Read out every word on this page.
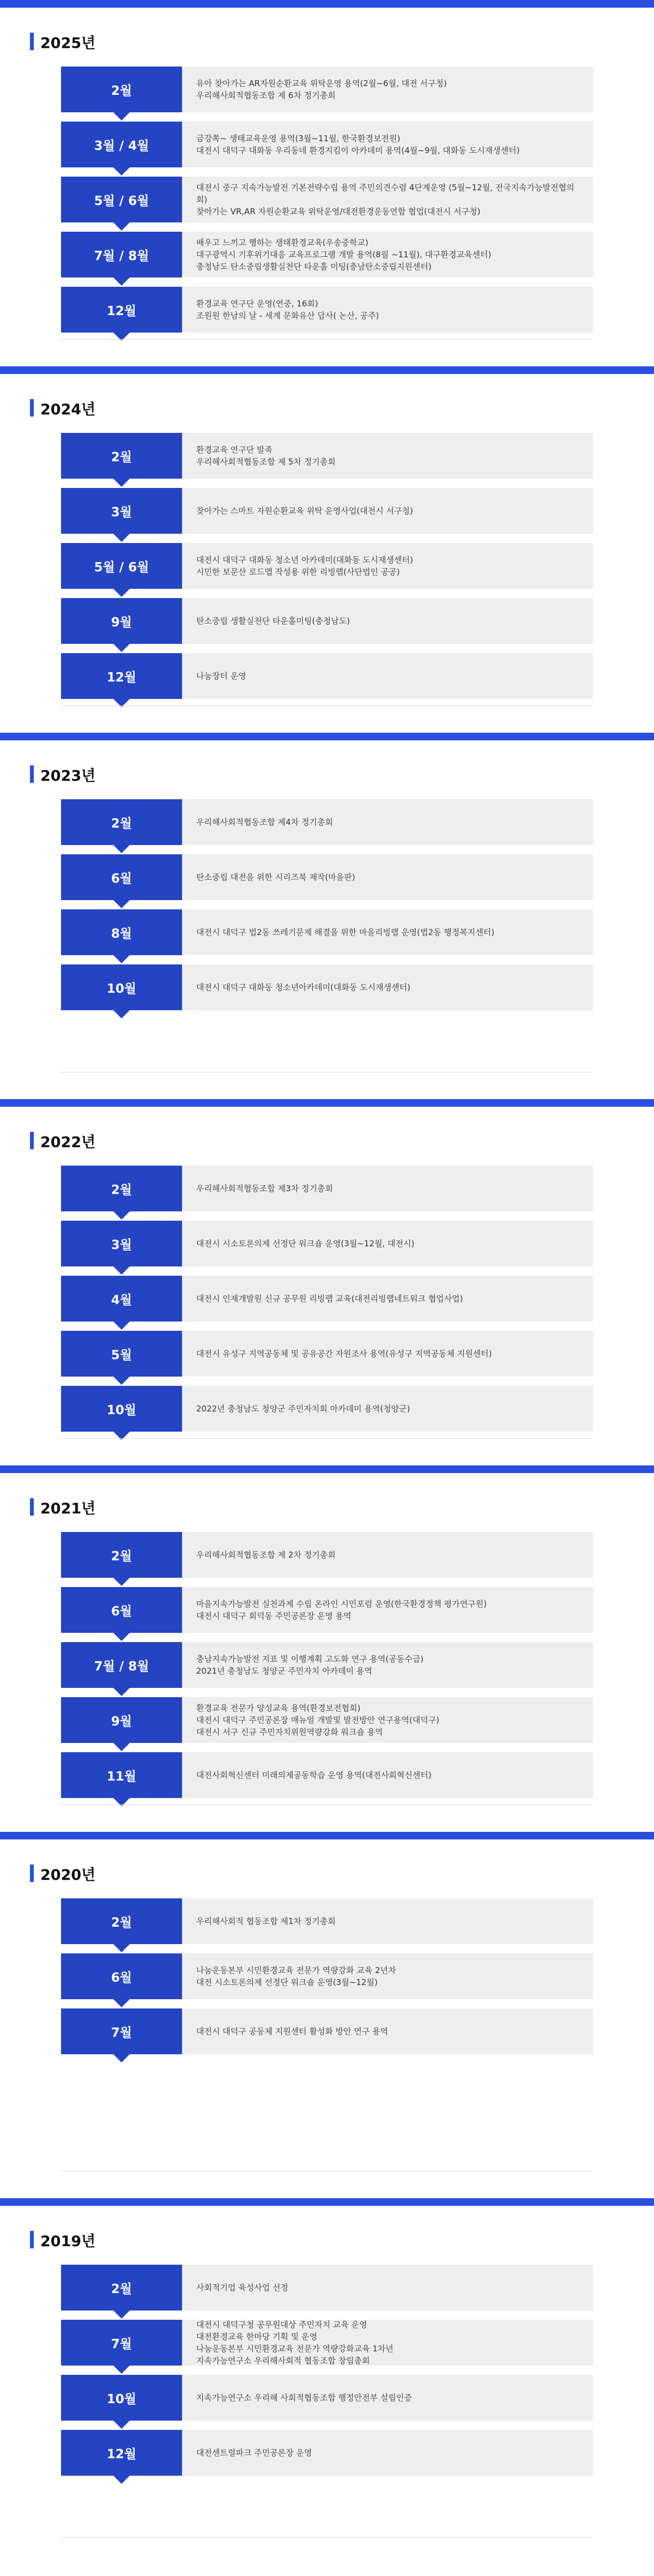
2025년
2월
유아 찾아가는 AR자원순환교육 위탁운영 용역(2월~6월, 대전 서구청)
우리해사회적협동조합 제 6차 정기총회
3월 / 4월
금강쪽~ 생태교육운영 용역(3월~11월, 한국환경보전원)
대전시 대덕구 대화동 우리동네 환경지킴이 아카데미 용역(4월~9월, 대화동 도시재생센터)
5월 / 6월
대전시 중구 지속가능발전 기본전략수립 용역 주민의견수렴 4단계운영 (5월~12월, 전국지속가능발전협의회)
찾아가는 VR,AR 자원순환교육 위탁운영/대전환경운동연합 협업(대전시 서구청)
7월 / 8월
배우고 느끼고 행하는 생태환경교육(우송중학교)
대구광역시 기후위기대응 교육프로그램 개발 용역(8월 ~11월), 대구환경교육센터)
충청남도 탄소중립생활실천단 타운홀 미팅(충남탄소중립지원센터)
12월
환경교육 연구단 운영(연중, 16회)
조원원 한남의 날 - 세계 문화유산 답사( 논산, 공주)
2024년
2월
환경교육 연구단 발족
우리해사회적협동조합 제 5차 정기총회
3월	찾아가는 스마트 자원순환교육 위탁 운영사업(대전시 서구청)
5월 / 6월
대전시 대덕구 대화동 청소년 아카데미(대화동 도시재생센터)
시민한 보문산 로드맵 작성용 위한 리빙랩(사단법인 공공)
9월	탄소중립 생활실천단 타운홀미팅(충청남도)
12월	나눔장터 운영
2023년
2월	우리해사회적협동조합 제4차 정기총회
6월	탄소중립 대전을 위한 시리즈북 제작(마을판)
8월	대전시 대덕구 법2동 쓰레기문제 해결을 위한 마을리빙랩 운영(법2동 행정복지센터)
10월	대전시 대덕구 대화동 청소년아카데미(대화동 도시재생센터)
2022년
2월	우리해사회적협동조합 제3차 정기총회
3월	대전시 시소토론의제 선정단 워크숍 운영(3월~12월, 대전시)
4월	대전시 인재개발원 신규 공무원 리빙랩 교육(대전리빙랩네트워크 협업사업)
5월	대전시 유성구 지역공동체 및 공유공간 자원조사 용역(유성구 지역공동체 지원센터)
10월	2022년 충청남도 청양군 주민자치회 아카데미 용역(청양군)
2021년
2월	우리해사회적협동조합 제 2차 정기총회
6월
마을지속가능발전 실천과제 수립 온라인 시민포럼 운영(한국환경정책 평가연구원)
대전시 대덕구 회덕동 주민공론장 운영 용역
7월 / 8월
충남지속가능발전 지표 및 이행계획 고도화 연구 용역(공동수급)
2021년 충청남도 청양군 주민자치 아카데미 용역
9월
환경교육 전문가 양성교육 용역(환경보전협회)
대전시 대덕구 주민공론장 매뉴얼 개발및 발전방안 연구용역(대덕구)
대전시 서구 신규 주민자치위원역량강화 워크숍 용역
11월	대전사회혁신센터 미래의제공동학습 운영 용역(대전사회혁신센터)
2020년
2월	우리해사회적 협동조합 제1차 정기총회
6월
나눔운동본부 시민환경교육 전문가 역량강화 교육 2년차
대전 시소토론의제 선정단 워크숍 운영(3월~12월)
7월	대전시 대덕구 공동체 지원센터 활성화 방안 연구 용역
2019년
2월	사회적기업 육성사업 선정
7월
대전시 대덕구청 공무원대상 주민자치 교육 운영
대전환경교육 한마당 기획 및 운영
나눔운동본부 시민환경교육 전문가 역량강화교육 1차년
지속가능연구소 우리해사회적 협동조합 창립총회
10월	지속가능연구소 우리해 사회적협동조합 행정안전부 설립인증
12월	대전센트럴파크 주민공론장 운영
